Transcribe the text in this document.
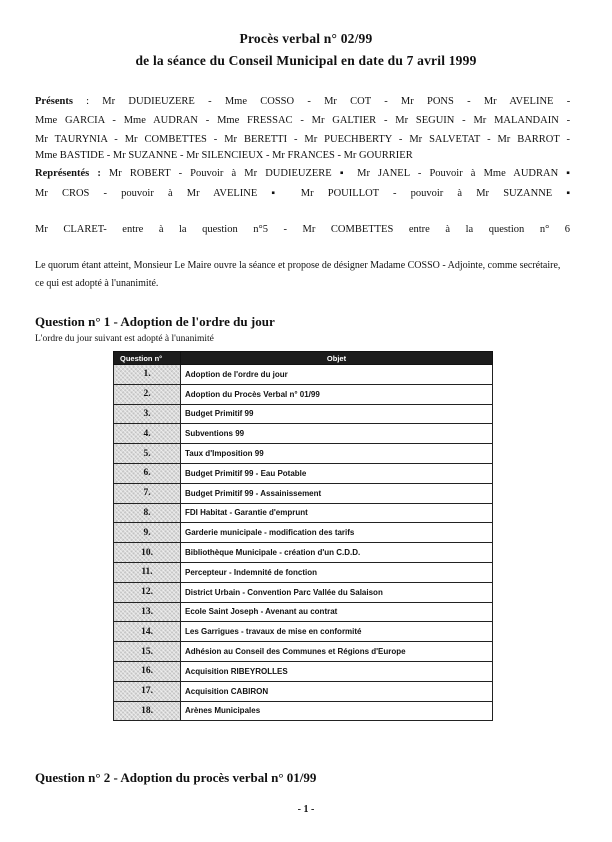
Procès verbal n° 02/99
de la séance du Conseil Municipal en date du 7 avril 1999
Présents : Mr DUDIEUZERE - Mme COSSO - Mr COT - Mr PONS - Mr AVELINE -
Mme GARCIA - Mme AUDRAN - Mme FRESSAC - Mr GALTIER - Mr SEGUIN - Mr MALANDAIN -
Mr TAURYNIA - Mr COMBETTES - Mr BERETTI - Mr PUECHBERTY - Mr SALVETAT - Mr BARROT -
Mme BASTIDE - Mr SUZANNE - Mr SILENCIEUX - Mr FRANCES - Mr GOURRIER
Représentés : Mr ROBERT - Pouvoir à Mr DUDIEUZERE ▪ Mr JANEL - Pouvoir à Mme AUDRAN ▪
Mr CROS - pouvoir à Mr AVELINE ▪ Mr POUILLOT - pouvoir à Mr SUZANNE ▪
Mr CLARET- entre à la question n°5 - Mr COMBETTES entre à la question n° 6
Le quorum étant atteint, Monsieur Le Maire ouvre la séance et propose de désigner Madame COSSO - Adjointe, comme secrétaire,
ce qui est adopté à l'unanimité.
Question n° 1 - Adoption de l'ordre du jour
L'ordre du jour suivant est adopté à l'unanimité
Question n°	Objet
1.	Adoption de l'ordre du jour
2.	Adoption du Procès Verbal n° 01/99
3.	Budget Primitif 99
4.	Subventions 99
5.	Taux d'Imposition 99
6.	Budget Primitif 99 - Eau Potable
7.	Budget Primitif 99 - Assainissement
8.	FDI Habitat - Garantie d'emprunt
9.	Garderie municipale - modification des tarifs
10.	Bibliothèque Municipale - création d'un C.D.D.
11.	Percepteur - Indemnité de fonction
12.	District Urbain - Convention Parc Vallée du Salaison
13.	Ecole Saint Joseph - Avenant au contrat
14.	Les Garrigues - travaux de mise en conformité
15.	Adhésion au Conseil des Communes et Régions d'Europe
16.	Acquisition RIBEYROLLES
17.	Acquisition CABIRON
18.	Arènes Municipales
Question n° 2 - Adoption du procès verbal n° 01/99
- 1 -
